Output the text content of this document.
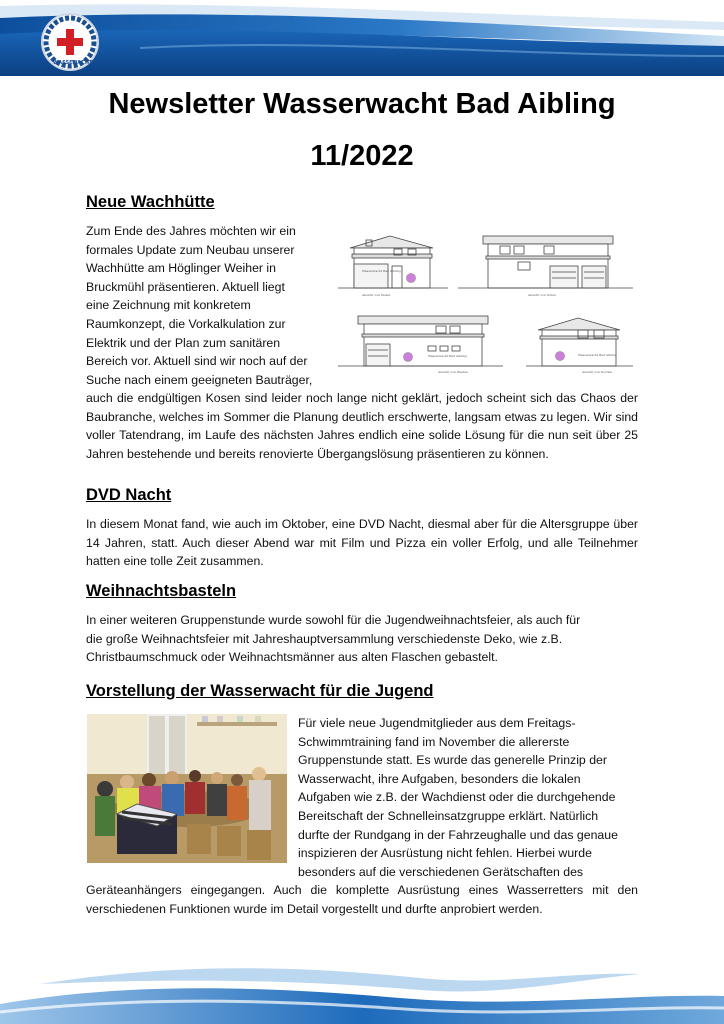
WASSER
WACHT
Newsletter Wasserwacht Bad Aibling
11/2022
Neue Wachhütte
Zum Ende des Jahres möchten wir ein
formales Update zum Neubau unserer
Wachhütte am Höglinger Weiher in
Bruckmühl präsentieren. Aktuell liegt
eine Zeichnung mit konkretem
Raumkonzept, die Vorkalkulation zur
Elektrik und der Plan zum sanitären
Bereich vor. Aktuell sind wir noch auf der
Suche nach einem geeigneten Bauträger,
Wasserwacht Bad Aibling
Ansicht von Süden	Ansicht von Osten
Wasserwacht Bad Aibling
Ansicht von Westen
Wasserwacht Bad Aibling
Ansicht von Norden

auch die endgültigen Kosen sind leider noch lange nicht geklärt, jedoch scheint sich das Chaos der Baubranche, welches im Sommer die Planung deutlich erschwerte, langsam etwas zu legen. Wir sind voller Tatendrang, im Laufe des nächsten Jahres endlich eine solide Lösung für die nun seit über 25 Jahren bestehende und bereits renovierte Übergangslösung präsentieren zu können.

DVD Nacht

In diesem Monat fand, wie auch im Oktober, eine DVD Nacht, diesmal aber für die Altersgruppe über 14 Jahren, statt. Auch dieser Abend war mit Film und Pizza ein voller Erfolg, und alle Teilnehmer hatten eine tolle Zeit zusammen.

Weihnachtsbasteln
In einer weiteren Gruppenstunde wurde sowohl für die Jugendweihnachtsfeier, als auch für
die große Weihnachtsfeier mit Jahreshauptversammlung verschiedenste Deko, wie z.B.
Christbaumschmuck oder Weihnachtsmänner aus alten Flaschen gebastelt.
Vorstellung der Wasserwacht für die Jugend
Für viele neue Jugendmitglieder aus dem Freitags-
Schwimmtraining fand im November die allererste
Gruppenstunde statt. Es wurde das generelle Prinzip der
Wasserwacht, ihre Aufgaben, besonders die lokalen
Aufgaben wie z.B. der Wachdienst oder die durchgehende
Bereitschaft der Schnelleinsatzgruppe erklärt. Natürlich
durfte der Rundgang in der Fahrzeughalle und das genaue
inspizieren der Ausrüstung nicht fehlen. Hierbei wurde
besonders auf die verschiedenen Gerätschaften des

Geräteanhängers eingegangen. Auch die komplette Ausrüstung eines Wasserretters mit den verschiedenen Funktionen wurde im Detail vorgestellt und durfte anprobiert werden.
